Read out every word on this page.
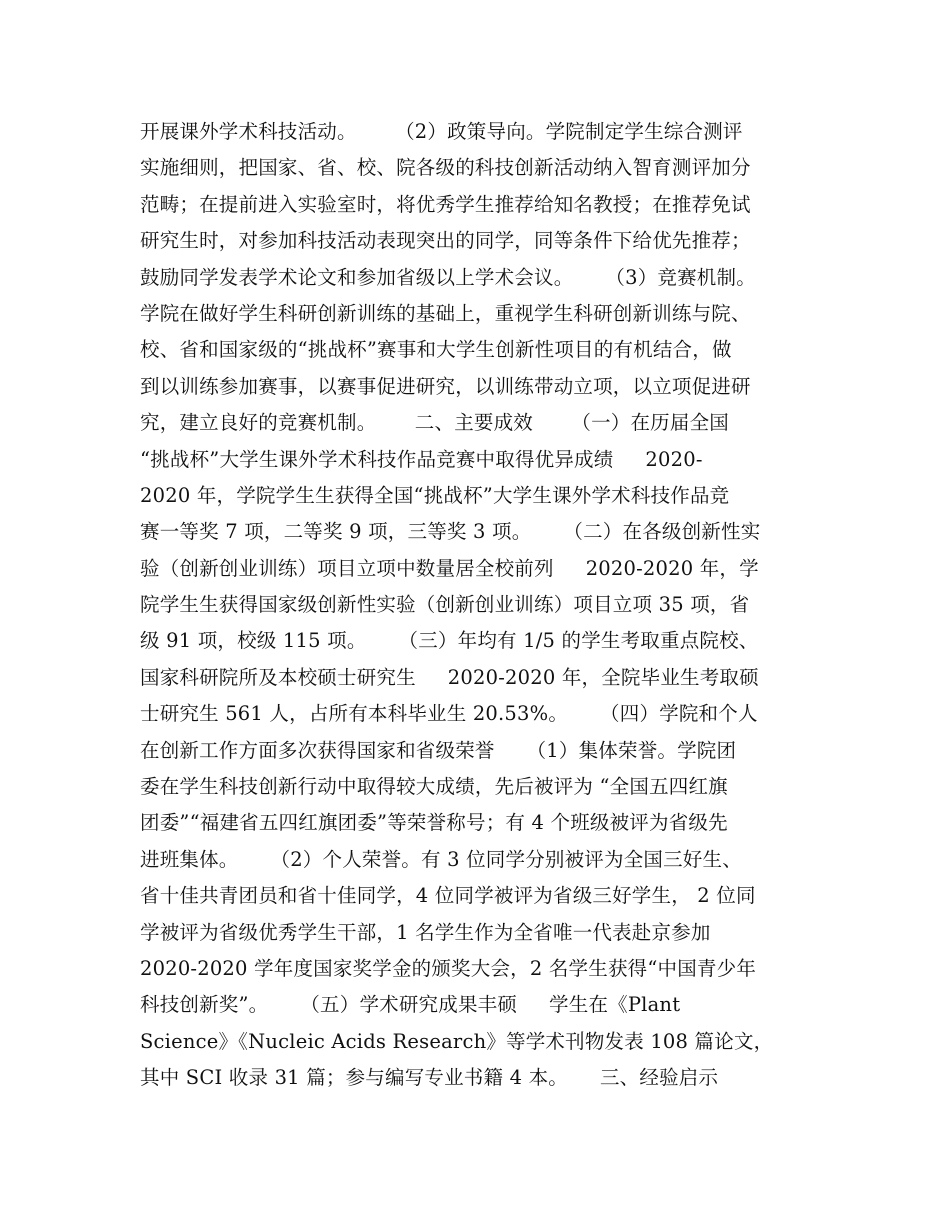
开展课外学术科技活动。      （2）政策导向。学院制定学生综合测评
实施细则，把国家、省、校、院各级的科技创新活动纳入智育测评加分
范畴；在提前进入实验室时，将优秀学生推荐给知名教授；在推荐免试
研究生时，对参加科技活动表现突出的同学，同等条件下给优先推荐；
鼓励同学发表学术论文和参加省级以上学术会议。     （3）竞赛机制。
学院在做好学生科研创新训练的基础上，重视学生科研创新训练与院、
校、省和国家级的“挑战杯”赛事和大学生创新性项目的有机结合，做
到以训练参加赛事，以赛事促进研究，以训练带动立项，以立项促进研
究，建立良好的竞赛机制。      二、主要成效      （一）在历届全国
“挑战杯”大学生课外学术科技作品竞赛中取得优异成绩     2020-
2020 年，学院学生生获得全国“挑战杯”大学生课外学术科技作品竞
赛一等奖 7 项，二等奖 9 项，三等奖 3 项。     （二）在各级创新性实
验（创新创业训练）项目立项中数量居全校前列     2020-2020 年，学
院学生生获得国家级创新性实验（创新创业训练）项目立项 35 项，省
级 91 项，校级 115 项。     （三）年均有 1/5 的学生考取重点院校、
国家科研院所及本校硕士研究生     2020-2020 年，全院毕业生考取硕
士研究生 561 人，占所有本科毕业生 20.53%。     （四）学院和个人
在创新工作方面多次获得国家和省级荣誉     （1）集体荣誉。学院团
委在学生科技创新行动中取得较大成绩，先后被评为 “全国五四红旗
团委”“福建省五四红旗团委”等荣誉称号；有 4 个班级被评为省级先
进班集体。     （2）个人荣誉。有 3 位同学分别被评为全国三好生、
省十佳共青团员和省十佳同学，4 位同学被评为省级三好学生， 2 位同
学被评为省级优秀学生干部，1 名学生作为全省唯一代表赴京参加
2020-2020 学年度国家奖学金的颁奖大会，2 名学生获得“中国青少年
科技创新奖”。     （五）学术研究成果丰硕     学生在《Plant
Science》《Nucleic Acids Research》等学术刊物发表 108 篇论文，
其中 SCI 收录 31 篇；参与编写专业书籍 4 本。     三、经验启示
